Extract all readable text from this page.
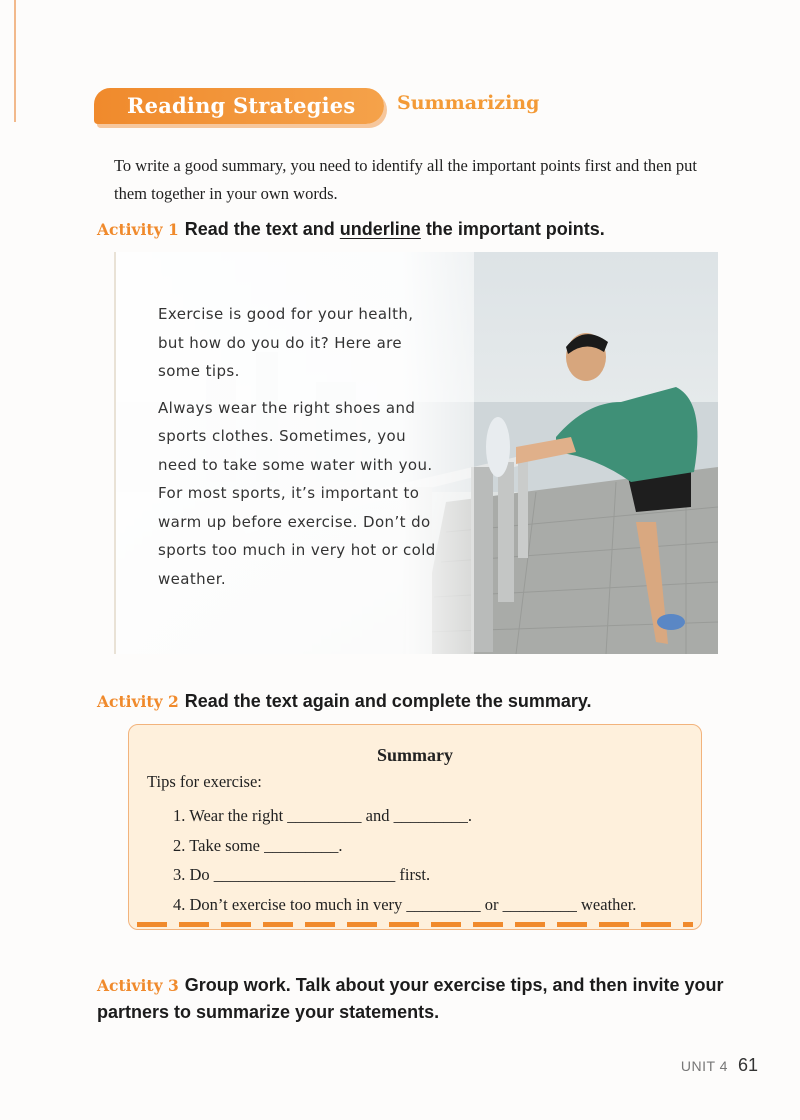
Reading Strategies	Summarizing
To write a good summary, you need to identify all the important points first and then put them together in your own words.
Activity 1 Read the text and underline the important points.

Exercise is good for your health, but how do you do it? Here are some tips.

Always wear the right shoes and sports clothes. Sometimes, you need to take some water with you. For most sports, it’s important to warm up before exercise. Don’t do sports too much in very hot or cold weather.

Activity 2 Read the text again and complete the summary.
Summary
Tips for exercise:
1. Wear the right _________ and _________.
2. Take some _________.
3. Do ______________________ first.
4. Don’t exercise too much in very _________ or _________ weather.
Activity 3 Group work. Talk about your exercise tips, and then invite your partners to summarize your statements.
UNIT 4 61
